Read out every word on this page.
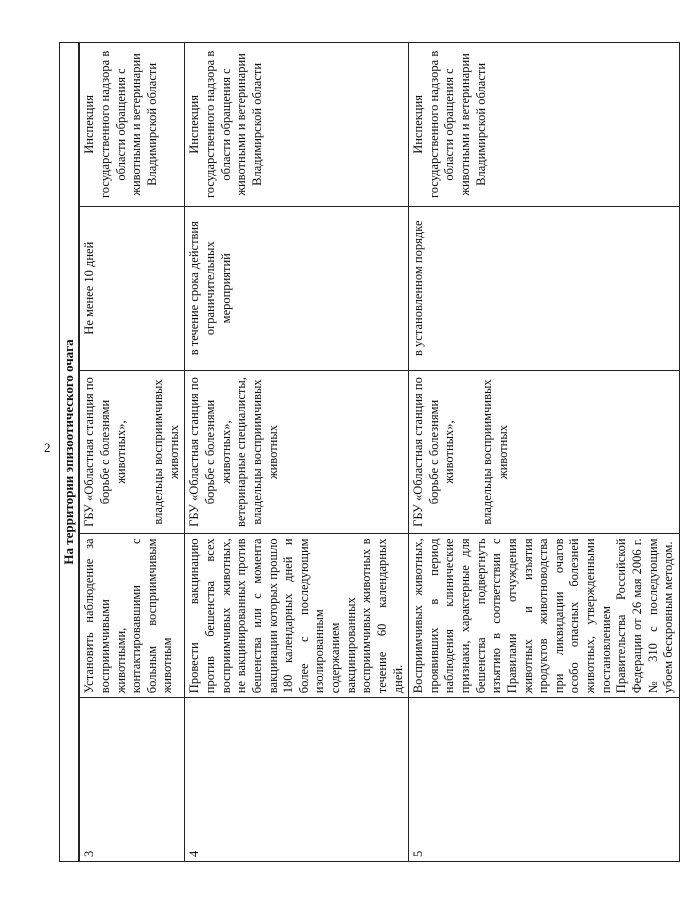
2 На территории эпизоотического очага				
3	Установить наблюдение за восприимчивыми животными, контактировавшими с больным восприимчивым животным	ГБУ «Областная станция по борьбе с болезнями животных», владельцы восприимчивых животных	Не менее 10 дней	Инспекция государственного надзора в области обращения с животными и ветеринарии Владимирской области
4	Провести вакцинацию против бешенства всех восприимчивых животных, не вакцинированных против бешенства или с момента вакцинации которых прошло 180 календарных дней и более с последующим изолированным содержанием вакцинированных восприимчивых животных в течение 60 календарных дней.	ГБУ «Областная станция по борьбе с болезнями животных», ветеринарные специалисты, владельцы восприимчивых животных	в течение срока действия ограничительных мероприятий	Инспекция государственного надзора в области обращения с животными и ветеринарии Владимирской области
5	Восприимчивых животных, проявивших в период наблюдения клинические признаки, характерные для бешенства подвергнуть изъятию в соответствии с Правилами отчуждения животных и изъятия продуктов животноводства при ликвидации очагов особо опасных болезней животных, утвержденными постановлением Правительства Российской Федерации от 26 мая 2006 г. № 310 с последующим убоем бескровным методом.	ГБУ «Областная станция по борьбе с болезнями животных», владельцы восприимчивых животных	в установленном порядке	Инспекция государственного надзора в области обращения с животными и ветеринарии Владимирской области
